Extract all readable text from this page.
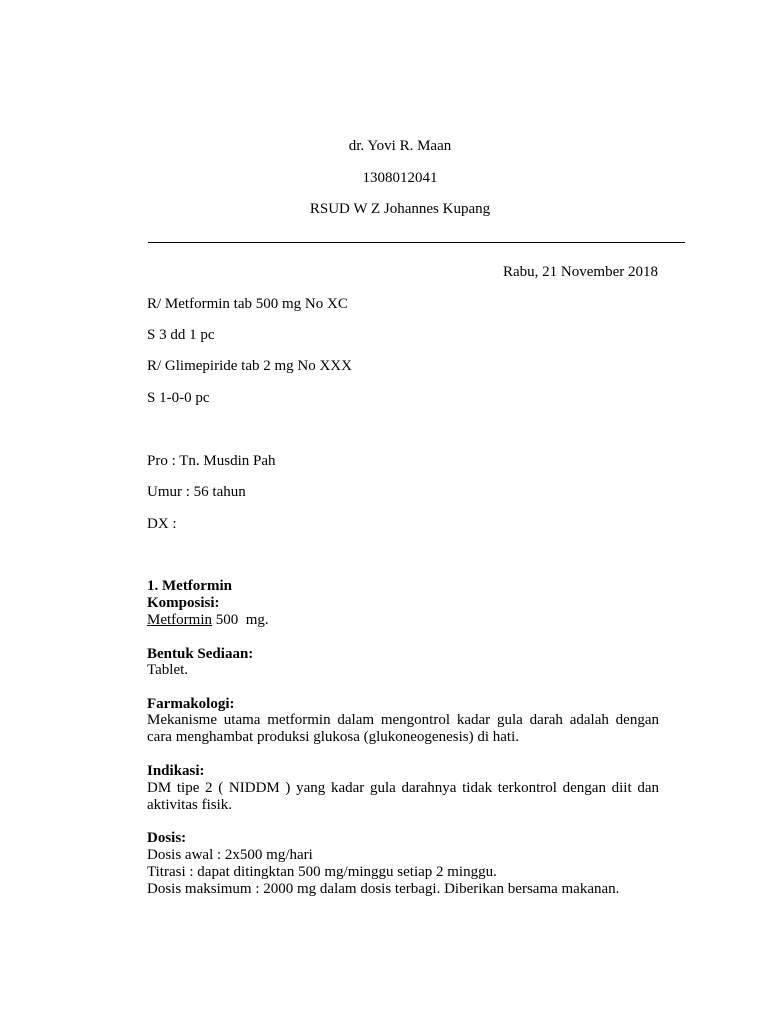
dr. Yovi R. Maan
1308012041
RSUD W Z Johannes Kupang
Rabu, 21 November 2018
R/ Metformin tab 500 mg No XC
S 3 dd 1 pc
R/ Glimepiride tab 2 mg No XXX
S 1-0-0 pc
Pro : Tn. Musdin Pah
Umur : 56 tahun
DX :
1. Metformin
Komposisi:
Metformin 500  mg.
Bentuk Sediaan:
Tablet.
Farmakologi:
Mekanisme utama metformin dalam mengontrol kadar gula darah adalah dengan cara menghambat produksi glukosa (glukoneogenesis) di hati.
Indikasi:
DM tipe 2 ( NIDDM ) yang kadar gula darahnya tidak terkontrol dengan diit dan aktivitas fisik.
Dosis:
Dosis awal : 2x500 mg/hari
Titrasi : dapat ditingktan 500 mg/minggu setiap 2 minggu.
Dosis maksimum : 2000 mg dalam dosis terbagi. Diberikan bersama makanan.
